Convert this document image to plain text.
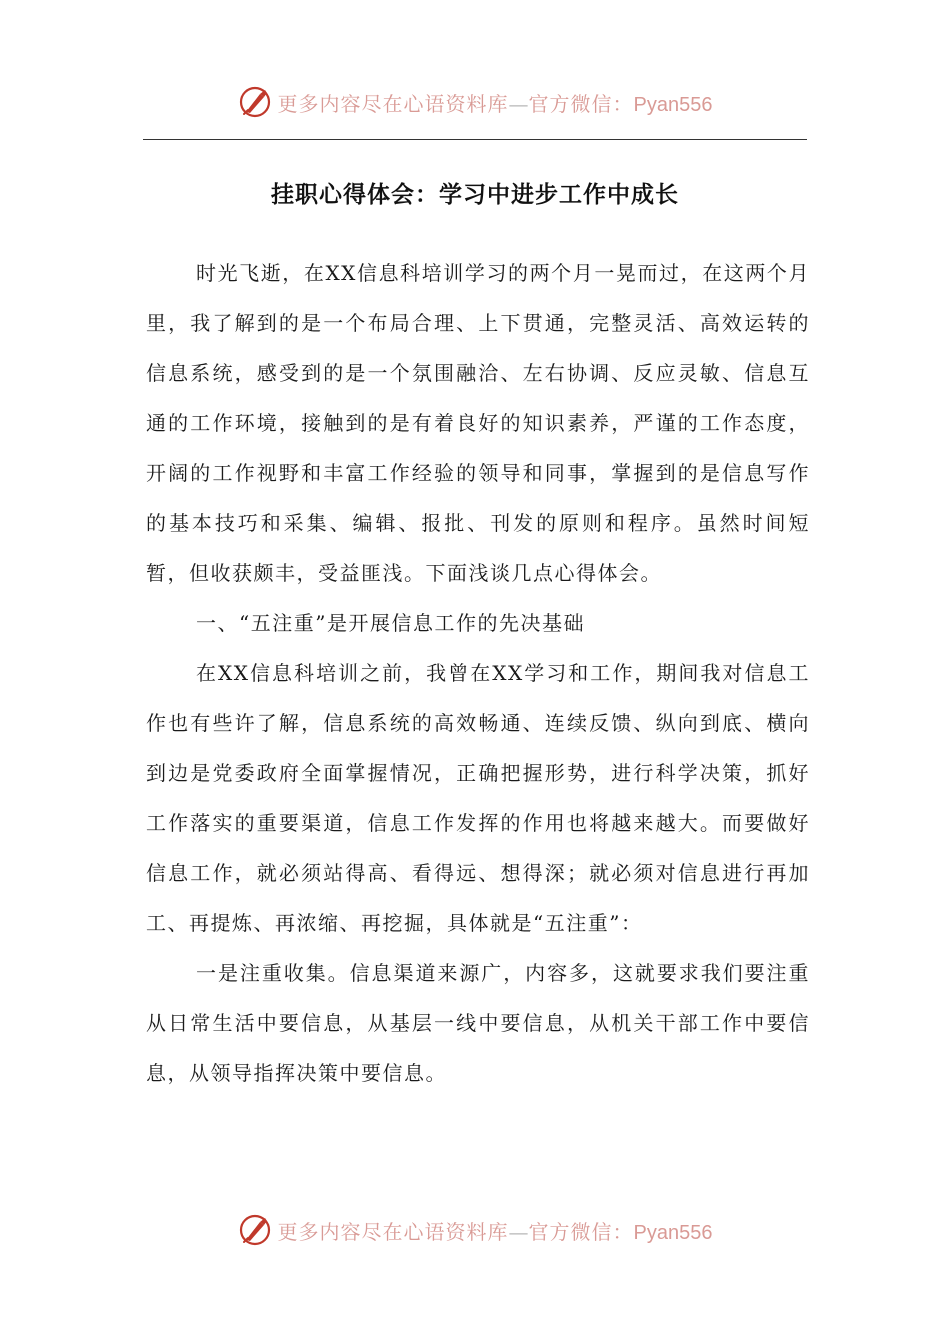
更多内容尽在心语资料库—官方微信：Pyan556
挂职心得体会：学习中进步工作中成长

时光飞逝，在XX信息科培训学习的两个月一晃而过，在这两个月里，我了解到的是一个布局合理、上下贯通，完整灵活、高效运转的信息系统，感受到的是一个氛围融洽、左右协调、反应灵敏、信息互通的工作环境，接触到的是有着良好的知识素养，严谨的工作态度，开阔的工作视野和丰富工作经验的领导和同事，掌握到的是信息写作的基本技巧和采集、编辑、报批、刊发的原则和程序。虽然时间短暂，但收获颇丰，受益匪浅。下面浅谈几点心得体会。

一、“五注重”是开展信息工作的先决基础

在XX信息科培训之前，我曾在XX学习和工作，期间我对信息工作也有些许了解，信息系统的高效畅通、连续反馈、纵向到底、横向到边是党委政府全面掌握情况，正确把握形势，进行科学决策，抓好工作落实的重要渠道，信息工作发挥的作用也将越来越大。而要做好信息工作，就必须站得高、看得远、想得深；就必须对信息进行再加工、再提炼、再浓缩、再挖掘，具体就是“五注重”：

一是注重收集。信息渠道来源广，内容多，这就要求我们要注重从日常生活中要信息，从基层一线中要信息，从机关干部工作中要信息，从领导指挥决策中要信息。

更多内容尽在心语资料库—官方微信：Pyan556
